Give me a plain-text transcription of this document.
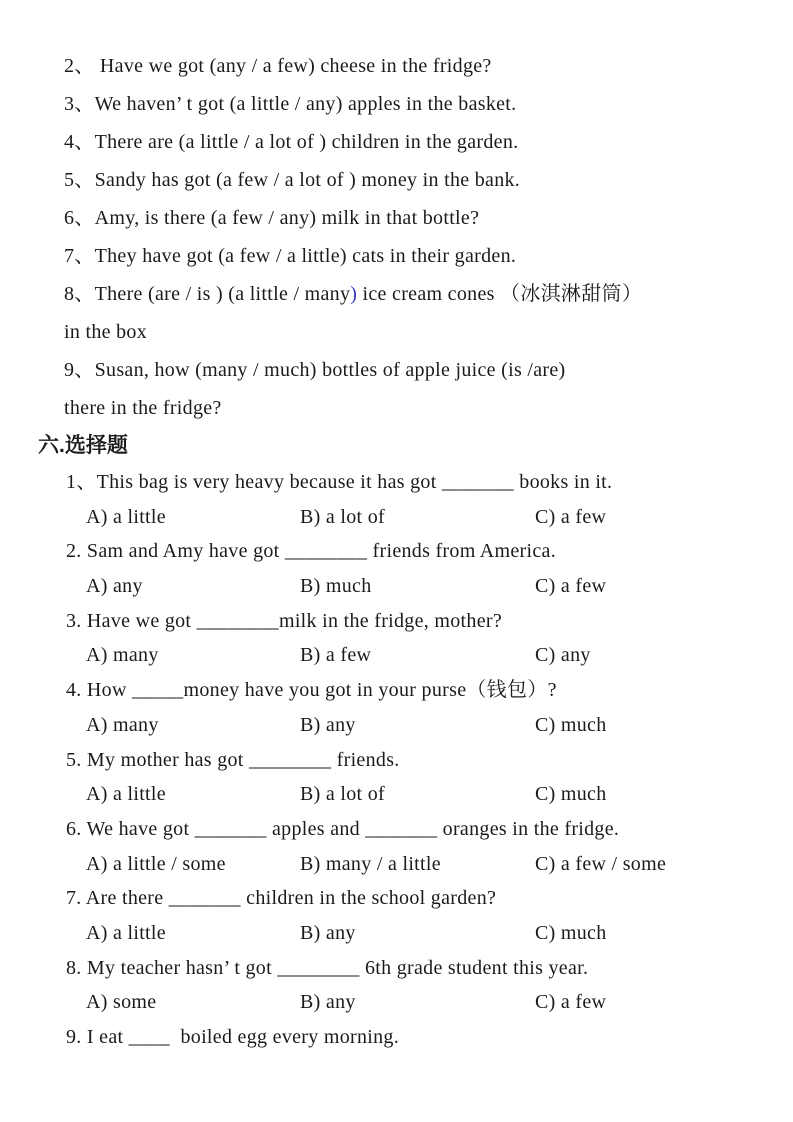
2、 Have we got (any / a few) cheese in the fridge?
3、We haven’ t got (a little / any) apples in the basket.
4、There are (a little / a lot of ) children in the garden.
5、Sandy has got (a few / a lot of ) money in the bank.
6、Amy, is there (a few / any) milk in that bottle?
7、They have got (a few / a little) cats in their garden.
8、There (are / is ) (a little / many) ice cream cones （冰淇淋甜筒）
in the box
9、Susan, how (many / much) bottles of apple juice (is /are)
there in the fridge?
六.选择题
1、This bag is very heavy because it has got _______ books in it.
A) a little	B) a lot of	C) a few
2. Sam and Amy have got ________ friends from America.
A) any	B) much	C) a few
3. Have we got ________milk in the fridge, mother?
A) many	B) a few	C) any
4. How _____money have you got in your purse（钱包）?
A) many	B) any	C) much
5. My mother has got ________ friends.
A) a little	B) a lot of	C) much
6. We have got _______ apples and _______ oranges in the fridge.
A) a little / some	B) many / a little	C) a few / some
7. Are there _______ children in the school garden?
A) a little	B) any	C) much
8. My teacher hasn’ t got ________ 6th grade student this year.
A) some	B) any	C) a few
9. I eat ____  boiled egg every morning.
